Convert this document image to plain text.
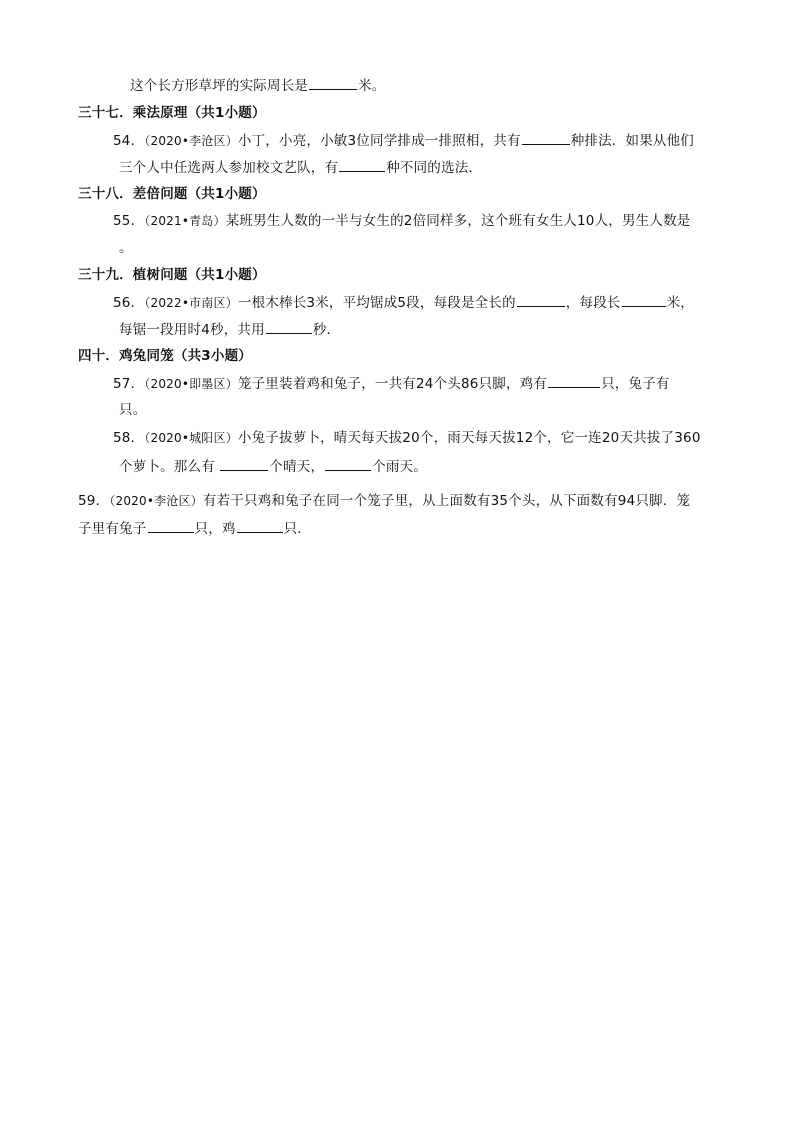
这个长方形草坪的实际周长是	米。
三十七．乘法原理（共1小题）
54．（2020•李沧区）小丁，小亮，小敏3位同学排成一排照相，共有	种排法．如果从他们
三个人中任选两人参加校文艺队，有	种不同的选法．
三十八．差倍问题（共1小题）
55．（2021•青岛）某班男生人数的一半与女生的2倍同样多，这个班有女生人10人，男生人数是
。
三十九．植树问题（共1小题）
56．（2022•市南区）一根木棒长3米，平均锯成5段，每段是全长的	，每段长	米，
每锯一段用时4秒，共用	秒．
四十．鸡兔同笼（共3小题）
57．（2020•即墨区）笼子里装着鸡和兔子，一共有24个头86只脚，鸡有	只，兔子有
只。
58．（2020•城阳区）小兔子拔萝卜，晴天每天拔20个，雨天每天拔12个，它一连20天共拔了360
个萝卜。那么有	个晴天，	个雨天。
59．（2020•李沧区）有若干只鸡和兔子在同一个笼子里，从上面数有35个头，从下面数有94只脚．笼
子里有兔子	只，鸡	只．
